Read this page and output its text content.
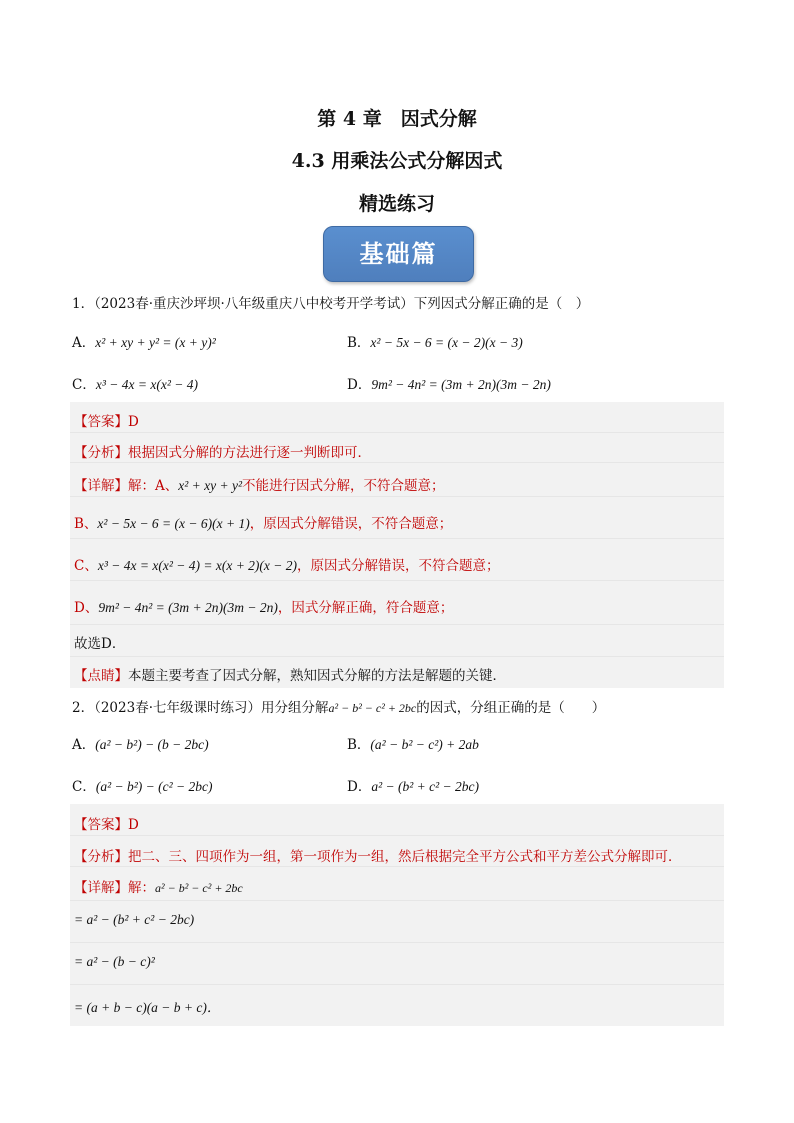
第 4 章　因式分解
4.3 用乘法公式分解因式
精选练习
基础篇
1．（2023春·重庆沙坪坝·八年级重庆八中校考开学考试）下列因式分解正确的是（　）
A．x² + xy + y² = (x + y)²	B．x² − 5x − 6 = (x − 2)(x − 3)
C．x³ − 4x = x(x² − 4)	D．9m² − 4n² = (3m + 2n)(3m − 2n)
【答案】D
【分析】根据因式分解的方法进行逐一判断即可．
【详解】解：A、x² + xy + y²不能进行因式分解，不符合题意；
B、x² − 5x − 6 = (x − 6)(x + 1)，原因式分解错误，不符合题意；
C、x³ − 4x = x(x² − 4) = x(x + 2)(x − 2)，原因式分解错误，不符合题意；
D、9m² − 4n² = (3m + 2n)(3m − 2n)，因式分解正确，符合题意；
故选D．
【点睛】本题主要考查了因式分解，熟知因式分解的方法是解题的关键．
2．（2023春·七年级课时练习）用分组分解a² − b² − c² + 2bc的因式，分组正确的是（　　）
A．(a² − b²) − (b − 2bc)	B．(a² − b² − c²) + 2ab
C．(a² − b²) − (c² − 2bc)	D．a² − (b² + c² − 2bc)
【答案】D
【分析】把二、三、四项作为一组，第一项作为一组，然后根据完全平方公式和平方差公式分解即可．
【详解】解：a² − b² − c² + 2bc
= a² − (b² + c² − 2bc)
= a² − (b − c)²
= (a + b − c)(a − b + c)．
